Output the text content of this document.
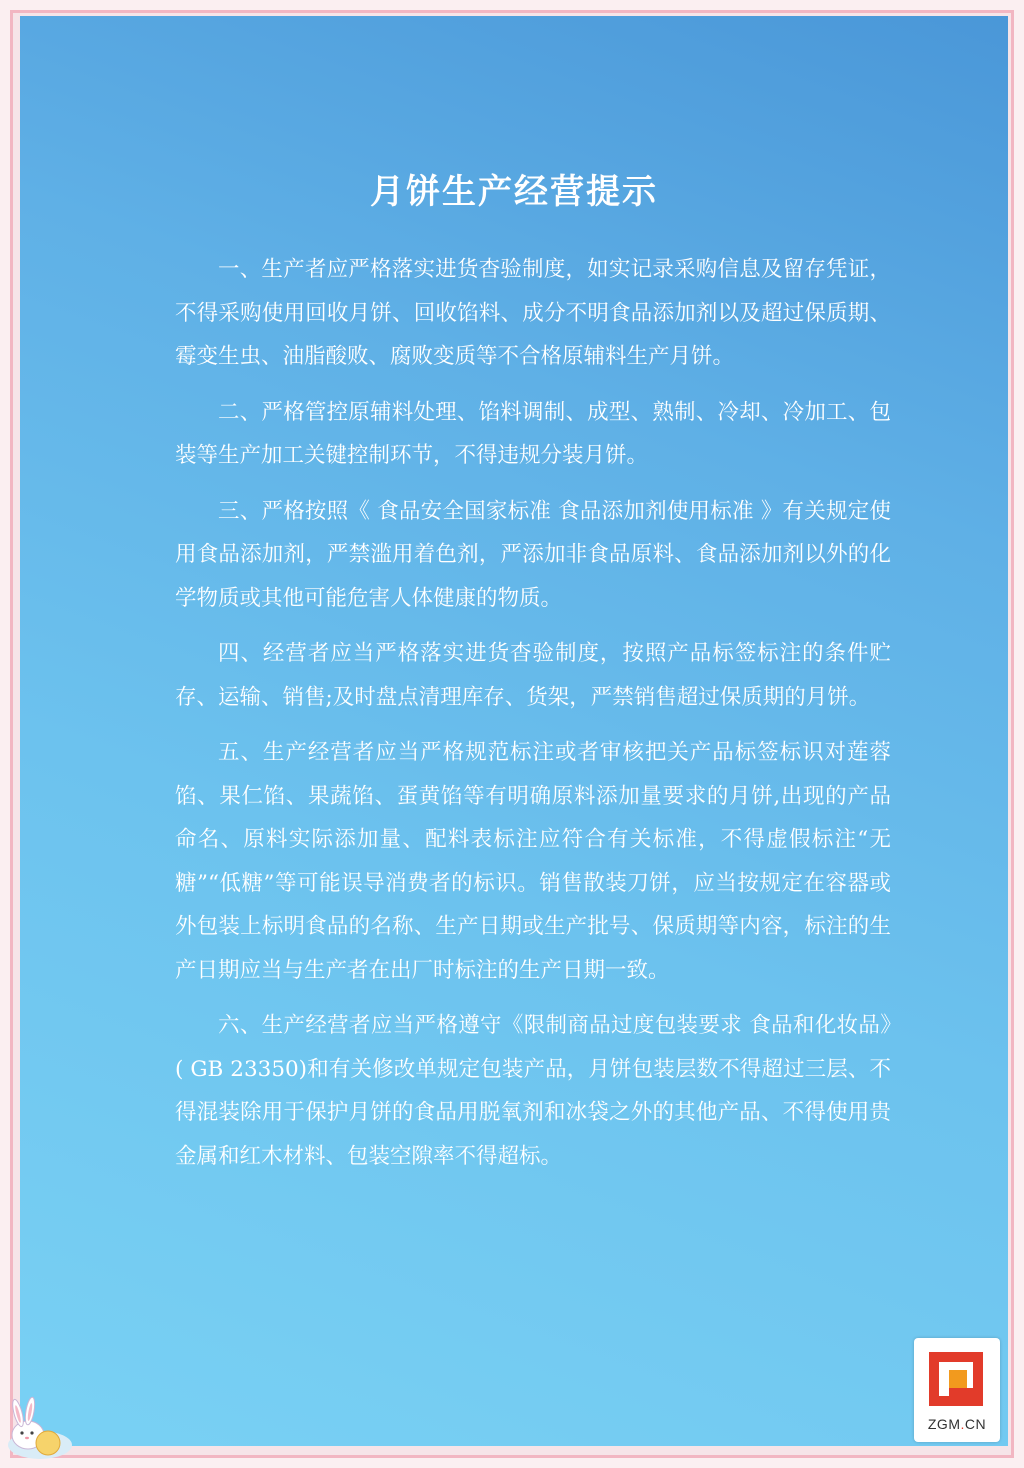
月饼生产经营提示

一、生产者应严格落实进货杳验制度，如实记录采购信息及留存凭证，不得采购使用回收月饼、回收馅料、成分不明食品添加剂以及超过保质期、霉变生虫、油脂酸败、腐败变质等不合格原辅料生产月饼。

二、严格管控原辅料处理、馅料调制、成型、熟制、冷却、冷加工、包装等生产加工关键控制环节，不得违规分装月饼。

三、严格按照《 食品安全国家标准 食品添加剂使用标准 》有关规定使用食品添加剂，严禁滥用着色剂，严添加非食品原料、食品添加剂以外的化学物质或其他可能危害人体健康的物质。

四、经营者应当严格落实进货杳验制度，按照产品标签标注的条件贮存、运输、销售;及时盘点清理库存、货架，严禁销售超过保质期的月饼。

五、生产经营者应当严格规范标注或者审核把关产品标签标识对莲蓉馅、果仁馅、果蔬馅、蛋黄馅等有明确原料添加量要求的月饼,出现的产品命名、原料实际添加量、配料表标注应符合有关标准，不得虚假标注“无糖”“低糖”等可能误导消费者的标识。销售散装刀饼，应当按规定在容器或外包装上标明食品的名称、生产日期或生产批号、保质期等内容，标注的生产日期应当与生产者在出厂时标注的生产日期一致。

六、生产经营者应当严格遵守《限制商品过度包装要求 食品和化妆品》( GB 23350)和有关修改单规定包装产品，月饼包装层数不得超过三层、不得混装除用于保护月饼的食品用脱氧剂和冰袋之外的其他产品、不得使用贵金属和红木材料、包装空隙率不得超标。

ZGM.CN
